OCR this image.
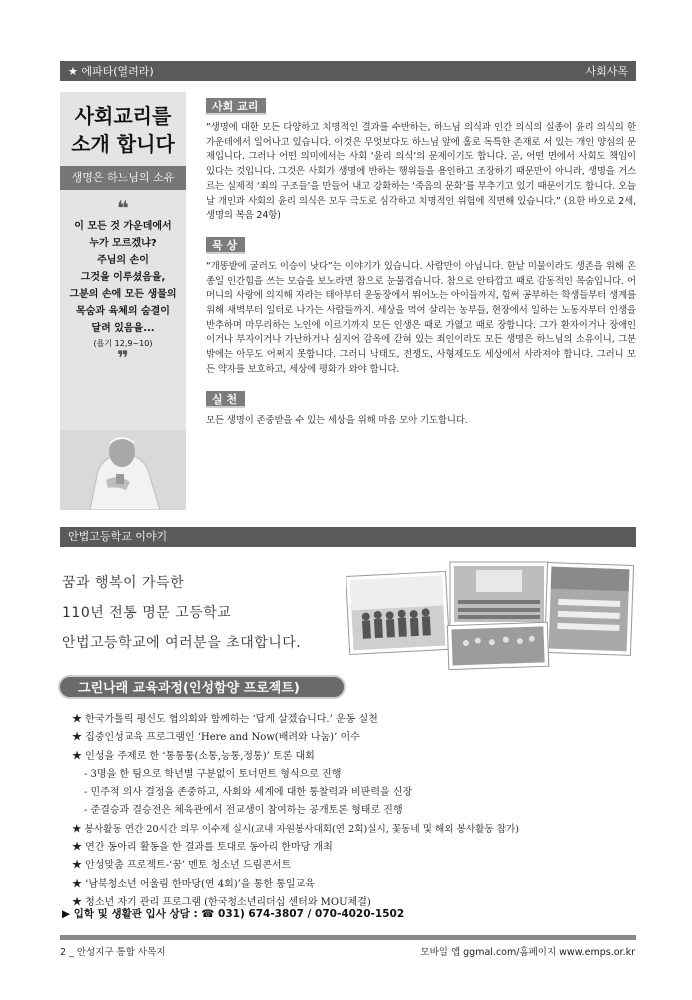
★ 에파타(열려라)	사회사목
사회교리를
소개 합니다
생명은 하느님의 소유
❝
이 모든 것 가운데에서
누가 모르겠냐?
주님의 손이
그것을 이루셨음을,
그분의 손에 모든 생물의
목숨과 육체의 숨결이
달려 있음을...
(욥기 12,9~10)
❞
사회 교리

“생명에 대한 모든 다양하고 치명적인 결과를 수반하는, 하느님 의식과 인간 의식의 실종이 윤리 의식의 한가운데에서 일어나고 있습니다. 이것은 무엇보다도 하느님 앞에 홀로 독특한 존재로 서 있는 개인 양심의 문제입니다. 그러나 어떤 의미에서는 사회 ‘윤리 의식’의 문제이기도 합니다. 곧, 어떤 면에서 사회도 책임이 있다는 것입니다. 그것은 사회가 생명에 반하는 행위들을 용인하고 조장하기 때문만이 아니라, 생명을 거스르는 실제적 ‘죄의 구조들’을 만들어 내고 강화하는 ‘죽음의 문화’를 부추기고 있기 때문이기도 합니다. 오늘날 개인과 사회의 윤리 의식은 모두 극도로 심각하고 치명적인 위험에 직면해 있습니다.” (요한 바오로 2세, 생명의 복음 24항)

묵 상

“개똥밭에 굴러도 이승이 낫다”는 이야기가 있습니다. 사람만이 아닙니다. 한낱 미물이라도 생존을 위해 온종일 인간힘을 쓰는 모습을 보노라면 참으로 눈물겹습니다. 참으로 안타깝고 때로 감동적인 목숨입니다. 어머니의 사랑에 의지해 자라는 태아부터 운동장에서 뛰어노는 아이들까지, 힘써 공부하는 학생들부터 생계를 위해 새벽부터 일터로 나가는 사람들까지. 세상을 먹여 살리는 농부들, 현장에서 일하는 노동자부터 인생을 반추하며 마무리하는 노인에 이르기까지 모든 인생은 때로 가엾고 때로 장합니다. 그가 환자이거나 장애인이거나 부자이거나 가난하거나 심지어 감옥에 갇혀 있는 죄인이라도 모든 생명은 하느님의 소유이니, 그분밖에는 아무도 어쩌지 못합니다. 그러니 낙태도, 전쟁도, 사형제도도 세상에서 사라져야 합니다. 그러니 모든 약자를 보호하고, 세상에 평화가 와야 합니다.

실 천

모든 생명이 존중받을 수 있는 세상을 위해 마음 모아 기도합니다.

안법고등학교 이야기
꿈과 행복이 가득한
110년 전통 명문 고등학교
안법고등학교에 여러분을 초대합니다.
그린나래 교육과정(인성함양 프로젝트)
★ 한국가톨릭 평신도 협의회와 함께하는 ‘답게 살겠습니다.’ 운동 실천
★ 집중인성교육 프로그램인 ‘Here and Now(배려와 나눔)’ 이수
★ 인성을 주제로 한 ‘통통통(소통,능통,정통)’ 토론 대회
- 3명을 한 팀으로 학년별 구분없이 토너먼트 형식으로 진행
- 민주적 의사 결정을 존중하고, 사회와 세계에 대한 통찰력과 비판력을 신장
- 준결승과 결승전은 체육관에서 전교생이 참여하는 공개토론 형태로 진행
★ 봉사활동 연간 20시간 의무 이수제 실시(교내 자원봉사대회(연 2회)실시, 꽃동네 및 해외 봉사활동 참가)
★ 연간 동아리 활동을 한 결과를 토대로 동아리 한마당 개최
★ 안성맞춤 프로젝트-‘꿈’ 멘토 청소년 드림콘서트
★ ‘남북청소년 어울림 한마당(연 4회)’을 통한 통일교육
★ 청소년 자기 관리 프로그램 (한국청소년리더십 센터와 MOU체결)
▶ 입학 및 생활관 입사 상담 : ☎ 031) 674-3807 / 070-4020-1502
2 _ 안성지구 통합 사목지	모바일 앱 ggmal.com/홈페이지 www.emps.or.kr
